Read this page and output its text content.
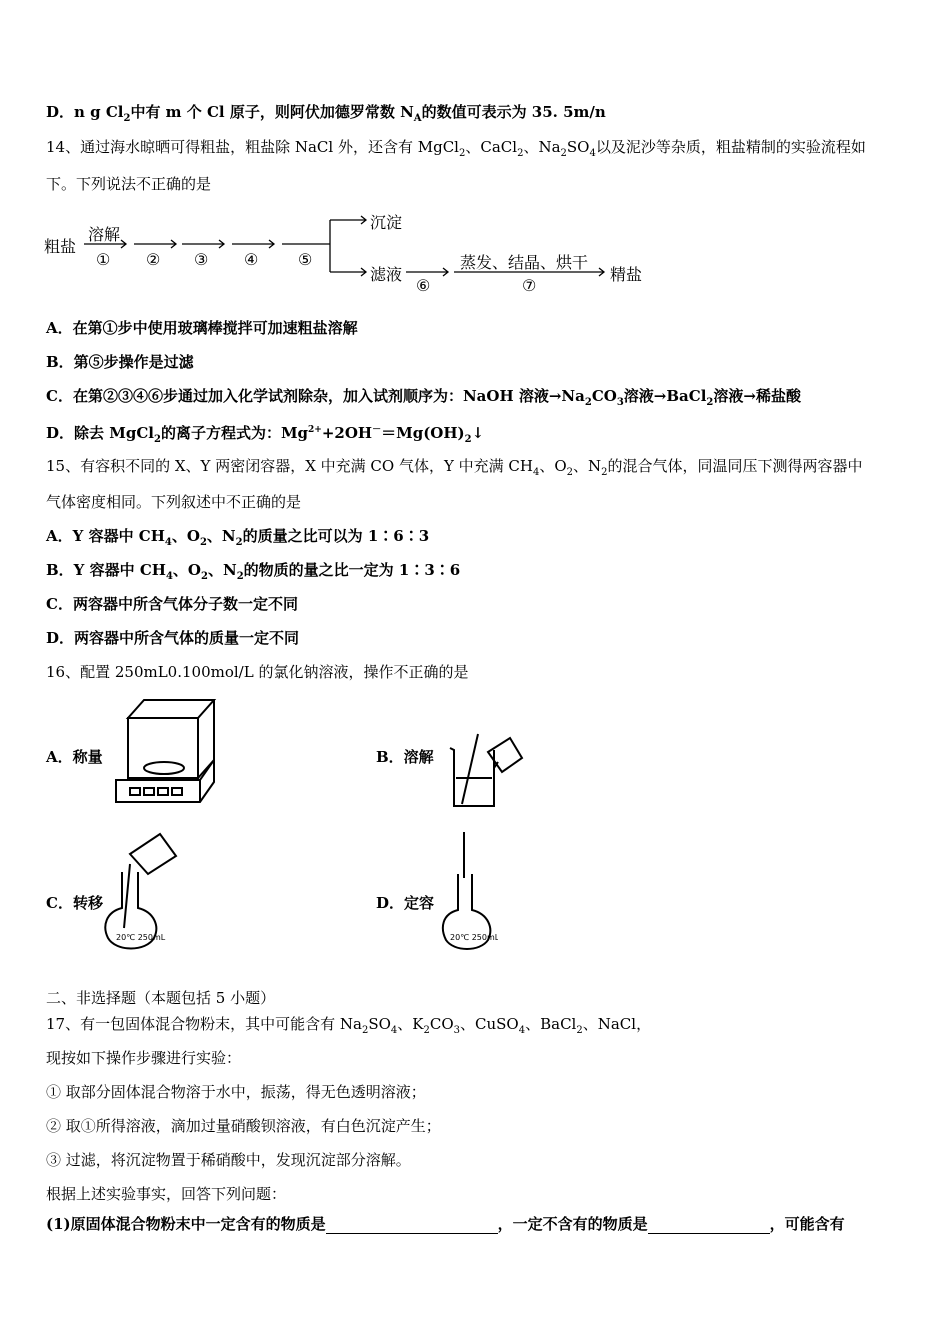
D．n g $Cl_2$中有 m 个 Cl 原子，则阿伏加德罗常数 $N_A$的数值可表示为 35. 5m/n
14、通过海水晾晒可得粗盐，粗盐除 NaCl 外，还含有 MgCl$_2$、CaCl$_2$、$Na_2SO_4$以及泥沙等杂质，粗盐精制的实验流程如
下。下列说法不正确的是
粗盐
溶解
① ② ③ ④ ⑤
沉淀
滤液
⑥
蒸发、结晶、烘干
⑦
精盐
A．在第①步中使用玻璃棒搅拌可加速粗盐溶解
B．第⑤步操作是过滤
C．在第②③④⑥步通过加入化学试剂除杂，加入试剂顺序为：NaOH 溶液$\to Na_2CO_3$溶液→BaCl$_2$溶液→稀盐酸
D．除去 MgCl$_2$的离子方程式为：$Mg^{2+}+2OH^-=Mg(OH)_2↓$
15、有容积不同的 X、Y 两密闭容器，X 中充满 CO 气体，Y 中充满 $CH_4$、$O_2$、$N_2$的混合气体，同温同压下测得两容器中
气体密度相同。下列叙述中不正确的是
A．Y 容器中 $CH_4$、$O_2$、$N_2$的质量之比可以为 1∶6∶3
B．Y 容器中 $CH_4$、$O_2$、$N_2$的物质的量之比一定为 1∶3∶6
C．两容器中所含气体分子数一定不同
D．两容器中所含气体的质量一定不同
16、配置 250mL0.100mol/L 的氯化钠溶液，操作不正确的是
A．称量	B．溶解
C．转移
20℃ 250mL
D．定容
20℃ 250mL
二、非选择题（本题包括 5 小题）
17、有一包固体混合物粉末，其中可能含有 $Na_2SO_4$、$K_2CO_3$、CuSO$_4$、BaCl$_2$、NaCl，
现按如下操作步骤进行实验：
① 取部分固体混合物溶于水中，振荡，得无色透明溶液；
② 取①所得溶液，滴加过量硝酸钡溶液，有白色沉淀产生；
③ 过滤，将沉淀物置于稀硝酸中，发现沉淀部分溶解。
根据上述实验事实，回答下列问题：
(1)原固体混合物粉末中一定含有的物质是	，一定不含有的物质是	，可能含有
